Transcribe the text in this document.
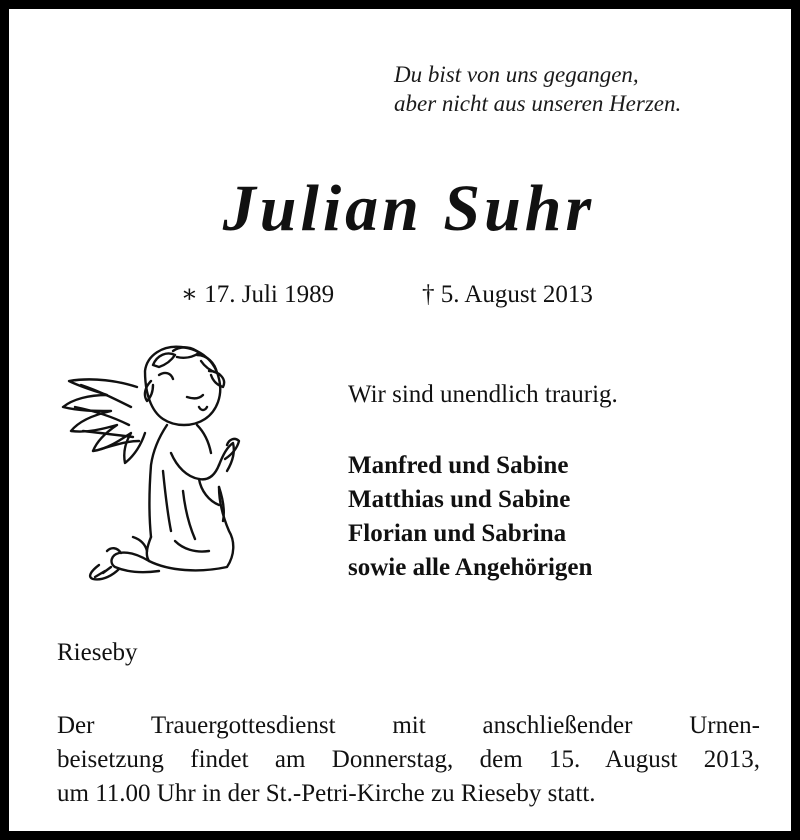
Du bist von uns gegangen,
aber nicht aus unseren Herzen.
Julian Suhr
∗ 17. Juli 1989	† 5. August 2013
Wir sind unendlich traurig.
Manfred und Sabine
Matthias und Sabine
Florian und Sabrina
sowie alle Angehörigen
Rieseby
Der Trauergottesdienst mit anschließender Urnen-
beisetzung findet am Donnerstag, dem 15. August 2013,
um 11.00 Uhr in der St.-Petri-Kirche zu Rieseby statt.
